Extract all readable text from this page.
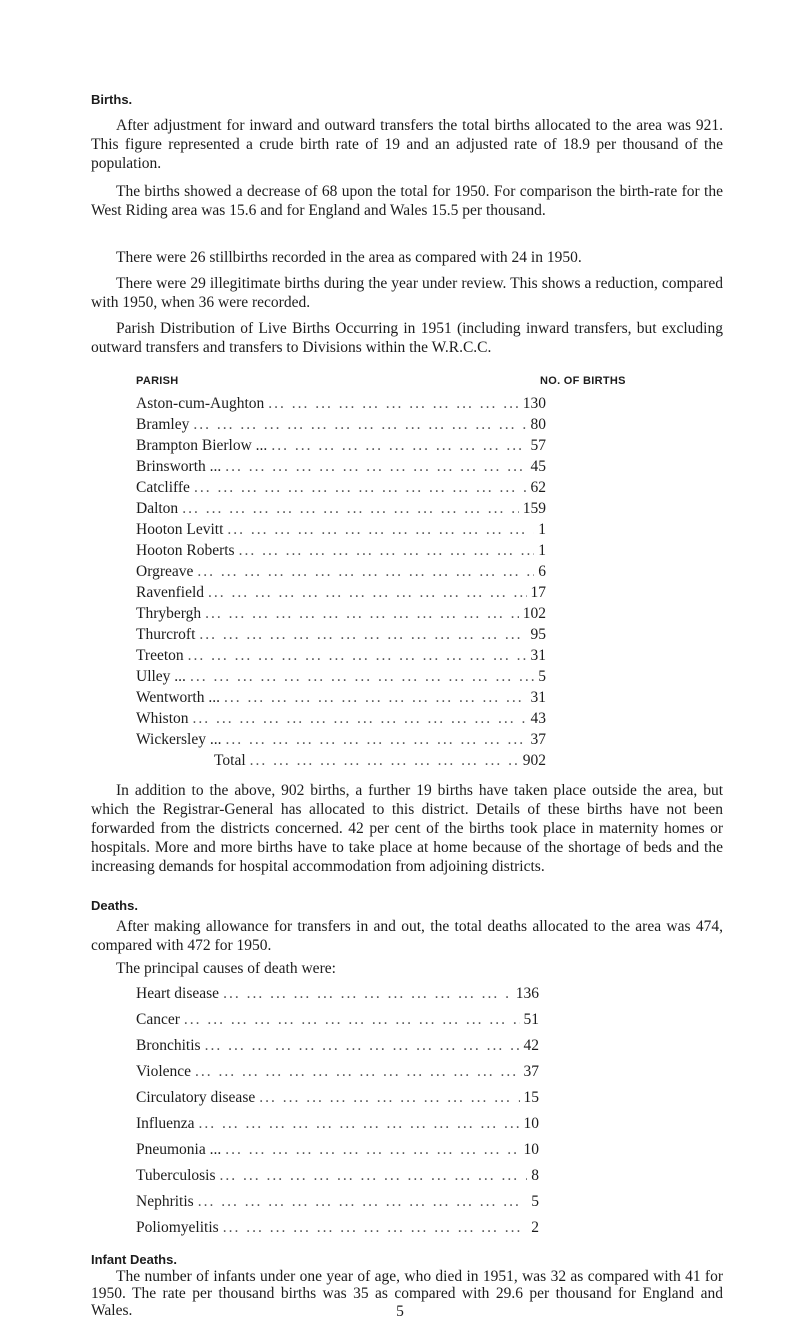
Births.
After adjustment for inward and outward transfers the total births allocated to the area was 921. This figure represented a crude birth rate of 19 and an adjusted rate of 18.9 per thousand of the population.
The births showed a decrease of 68 upon the total for 1950. For comparison the birth-rate for the West Riding area was 15.6 and for England and Wales 15.5 per thousand.
There were 26 stillbirths recorded in the area as compared with 24 in 1950.
There were 29 illegitimate births during the year under review. This shows a reduction, compared with 1950, when 36 were recorded.
Parish Distribution of Live Births Occurring in 1951 (including inward transfers, but excluding outward transfers and transfers to Divisions within the W.R.C.C.
PARISH	NO. OF BIRTHS
Aston-cum-Aughton ... .	130
Bramley ... .	80
Brampton Bierlow ... ... .	57
Brinsworth ... ... .	45
Catcliffe ... .	62
Dalton ... .	159
Hooton Levitt ... .	1
Hooton Roberts ... .	1
Orgreave ... .	6
Ravenfield ... .	17
Thrybergh ... .	102
Thurcroft ... .	95
Treeton ... .	31
Ulley ... ... .	5
Wentworth ... ... .	31
Whiston ... .	43
Wickersley ... ... .	37
Total ... .	902
In addition to the above, 902 births, a further 19 births have taken place outside the area, but which the Registrar-General has allocated to this district. Details of these births have not been forwarded from the districts concerned. 42 per cent of the births took place in maternity homes or hospitals. More and more births have to take place at home because of the shortage of beds and the increasing demands for hospital accommodation from adjoining districts.
Deaths.
After making allowance for transfers in and out, the total deaths allocated to the area was 474, compared with 472 for 1950.
The principal causes of death were:
Heart disease ... .	136
Cancer ... .	51
Bronchitis ... .	42
Violence ... .	37
Circulatory disease ... .	15
Influenza ... .	10
Pneumonia ... ... .	10
Tuberculosis ... .	8
Nephritis ... .	5
Poliomyelitis ... .	2
Infant Deaths.
The number of infants under one year of age, who died in 1951, was 32 as compared with 41 for 1950. The rate per thousand births was 35 as compared with 29.6 per thousand for England and Wales.	5
